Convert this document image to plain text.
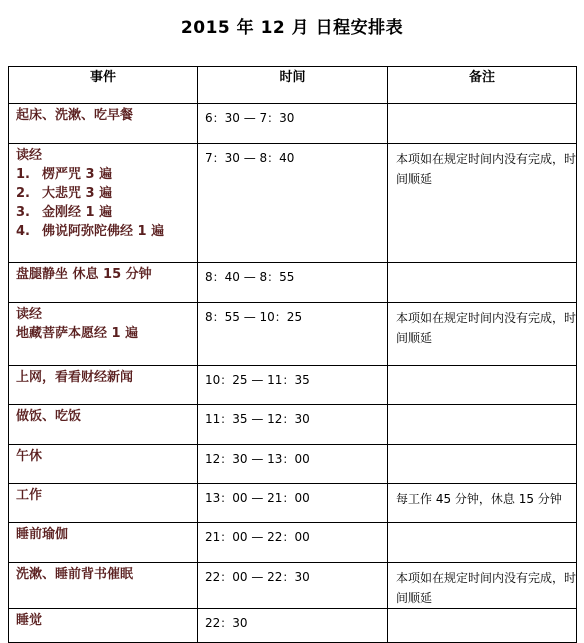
2015 年 12 月 日程安排表
事件	时间	备注

起床、洗漱、吃早餐	6：30 — 7：30	

读经
1. 楞严咒 3 遍
2. 大悲咒 3 遍
3. 金刚经 1 遍
4. 佛说阿弥陀佛经 1 遍	7：30 — 8：40	本项如在规定时间内没有完成，时间顺延

盘腿静坐 休息 15 分钟	8：40 — 8：55	

读经
地藏菩萨本愿经 1 遍	8：55 — 10：25	本项如在规定时间内没有完成，时间顺延

上网，看看财经新闻	10：25 — 11：35	

做饭、吃饭	11：35 — 12：30	

午休	12：30 — 13：00	

工作	13：00 — 21：00	每工作 45 分钟，休息 15 分钟

睡前瑜伽	21：00 — 22：00	

洗漱、睡前背书催眠	22：00 — 22：30	本项如在规定时间内没有完成，时间顺延

睡觉	22：30	
